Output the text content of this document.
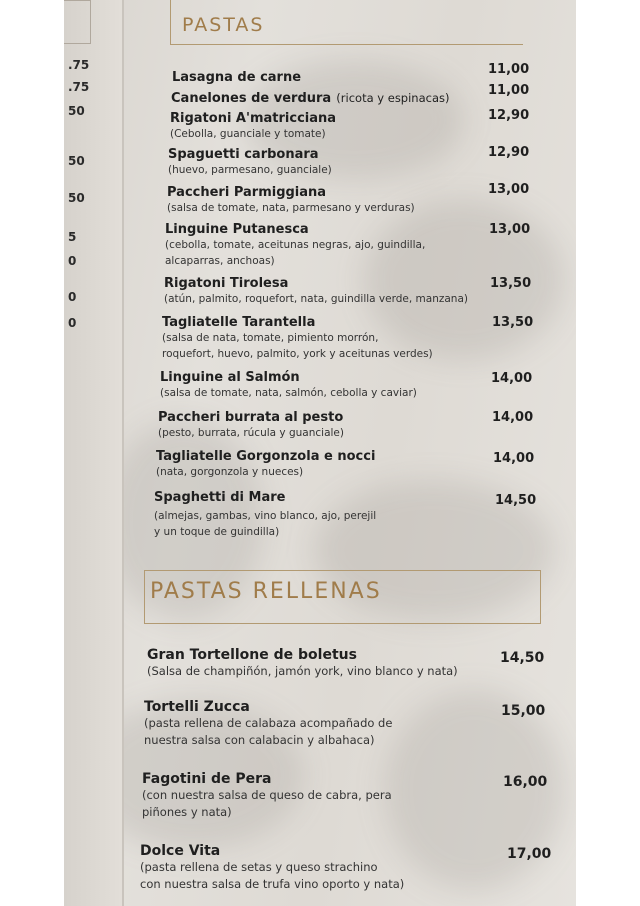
.75
.75
50
50
50
5
0
0
0
PASTAS
Lasagna de carne
11,00
Canelones de verdura (ricota y espinacas)	11,00
Rigatoni A'matricciana
(Cebolla, guanciale y tomate)
12,90
Spaguetti carbonara
(huevo, parmesano, guanciale)
12,90
Paccheri Parmiggiana
(salsa de tomate, nata, parmesano y verduras)
13,00
Linguine Putanesca
(cebolla, tomate, aceitunas negras, ajo, guindilla,
alcaparras, anchoas)
13,00
Rigatoni Tirolesa
(atún, palmito, roquefort, nata, guindilla verde, manzana)
13,50
Tagliatelle Tarantella
(salsa de nata, tomate, pimiento morrón,
roquefort, huevo, palmito, york y aceitunas verdes)
13,50
Linguine al Salmón
(salsa de tomate, nata, salmón, cebolla y caviar)
14,00
Paccheri burrata al pesto
(pesto, burrata, rúcula y guanciale)
14,00
Tagliatelle Gorgonzola e nocci
(nata, gorgonzola y nueces)
14,00
Spaghetti di Mare
(almejas, gambas, vino blanco, ajo, perejil
y un toque de guindilla)
14,50
PASTAS RELLENAS
Gran Tortellone de boletus
(Salsa de champiñón, jamón york, vino blanco y nata)
14,50
Tortelli Zucca
(pasta rellena de calabaza acompañado de
nuestra salsa con calabacin y albahaca)
15,00
Fagotini de Pera
(con nuestra salsa de queso de cabra, pera
piñones y nata)
16,00
Dolce Vita
(pasta rellena de setas y queso strachino
con nuestra salsa de trufa vino oporto y nata)
17,00
